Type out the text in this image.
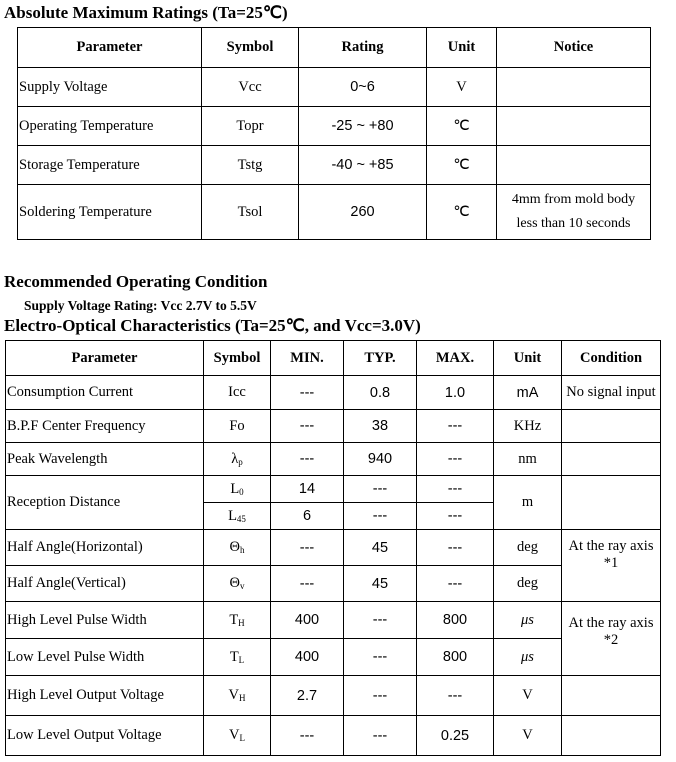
Absolute Maximum Ratings (Ta=25℃)
Parameter	Symbol	Rating	Unit	Notice
Supply Voltage	Vcc	0~6	V	
Operating Temperature	Topr	-25 ~ +80	℃	
Storage Temperature	Tstg	-40 ~ +85	℃	
Soldering Temperature	Tsol	260	℃	4mm from mold body
less than 10 seconds
Recommended Operating Condition
Supply Voltage Rating: Vcc 2.7V to 5.5V
Electro-Optical Characteristics (Ta=25℃, and Vcc=3.0V)
Parameter	Symbol	MIN.	TYP.	MAX.	Unit	Condition
Consumption Current	Icc	---	0.8	1.0	mA	No signal input
B.P.F Center Frequency	Fo	---	38	---	KHz	
Peak Wavelength	$\lambda_p$	---	940	---	nm	
Reception Distance	$L_0$	14	---	---	m	
	$L_{45}$	6	---	---		
Half Angle(Horizontal)	$\Theta_h$	---	45	---	deg	At the ray axis
*1

Half Angle(Vertical)	$\Theta_v$	---	45	---	deg	
High Level Pulse Width	$T_H$	400	---	800	μs	At the ray axis
*2

Low Level Pulse Width	$T_L$	400	---	800	μs	
High Level Output Voltage	$V_H$	2.7	---	---	V	
Low Level Output Voltage	$V_L$	---	---	0.25	V	
